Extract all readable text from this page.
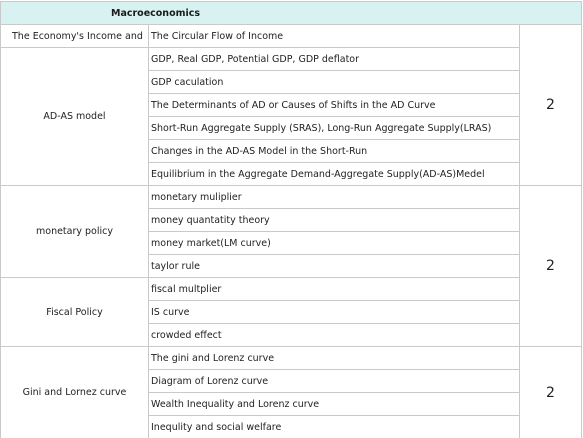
Macroeconomics		
The Economy's Income and	The Circular Flow of Income	2
AD-AS model	GDP, Real GDP, Potential GDP, GDP deflator	
	GDP caculation	
	The Determinants of AD or Causes of Shifts in the AD Curve	
	Short-Run Aggregate Supply (SRAS), Long-Run Aggregate Supply(LRAS)	
	Changes in the AD-AS Model in the Short-Run	
	Equilibrium in the Aggregate Demand-Aggregate Supply(AD-AS)Medel	
monetary policy	monetary muliplier	2
	money quantatity theory	
	money market(LM curve)	
	taylor rule	
Fiscal Policy	fiscal multplier	
	IS curve	
	crowded effect	
Gini and Lornez curve	The gini and Lorenz curve	2
	Diagram of Lorenz curve	
	Wealth Inequality and Lorenz curve	
	Inequlity and social welfare	
